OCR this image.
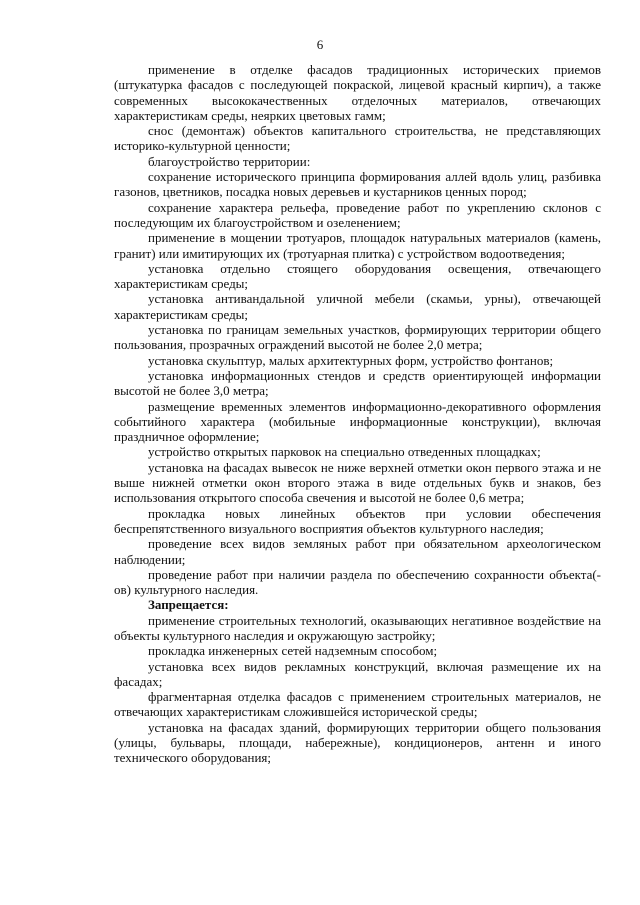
6

применение в отделке фасадов традиционных исторических приемов (штукатурка фасадов с последующей покраской, лицевой красный кирпич), а также современных высококачественных отделочных материалов, отвечающих характеристикам среды, неярких цветовых гамм;

снос (демонтаж) объектов капитального строительства, не представляющих историко-культурной ценности;

благоустройство территории:

сохранение исторического принципа формирования аллей вдоль улиц, разбивка газонов, цветников, посадка новых деревьев и кустарников ценных пород;

сохранение характера рельефа, проведение работ по укреплению склонов с последующим их благоустройством и озеленением;

применение в мощении тротуаров, площадок натуральных материалов (камень, гранит) или имитирующих их (тротуарная плитка) с устройством водоотведения;

установка отдельно стоящего оборудования освещения, отвечающего характеристикам среды;

установка антивандальной уличной мебели (скамьи, урны), отвечающей характеристикам среды;

установка по границам земельных участков, формирующих территории общего пользования, прозрачных ограждений высотой не более 2,0 метра;

установка скульптур, малых архитектурных форм, устройство фонтанов;

установка информационных стендов и средств ориентирующей информации высотой не более 3,0 метра;

размещение временных элементов информационно-декоративного оформления событийного характера (мобильные информационные конструкции), включая праздничное оформление;

устройство открытых парковок на специально отведенных площадках;

установка на фасадах вывесок не ниже верхней отметки окон первого этажа и не выше нижней отметки окон второго этажа в виде отдельных букв и знаков, без использования открытого способа свечения и высотой не более 0,6 метра;

прокладка новых линейных объектов при условии обеспечения беспрепятственного визуального восприятия объектов культурного наследия;

проведение всех видов земляных работ при обязательном археологическом наблюдении;

проведение работ при наличии раздела по обеспечению сохранности объекта(-ов) культурного наследия.

Запрещается:

применение строительных технологий, оказывающих негативное воздействие на объекты культурного наследия и окружающую застройку;

прокладка инженерных сетей надземным способом;

установка всех видов рекламных конструкций, включая размещение их на фасадах;

фрагментарная отделка фасадов с применением строительных материалов, не отвечающих характеристикам сложившейся исторической среды;

установка на фасадах зданий, формирующих территории общего пользования (улицы, бульвары, площади, набережные), кондиционеров, антенн и иного технического оборудования;
